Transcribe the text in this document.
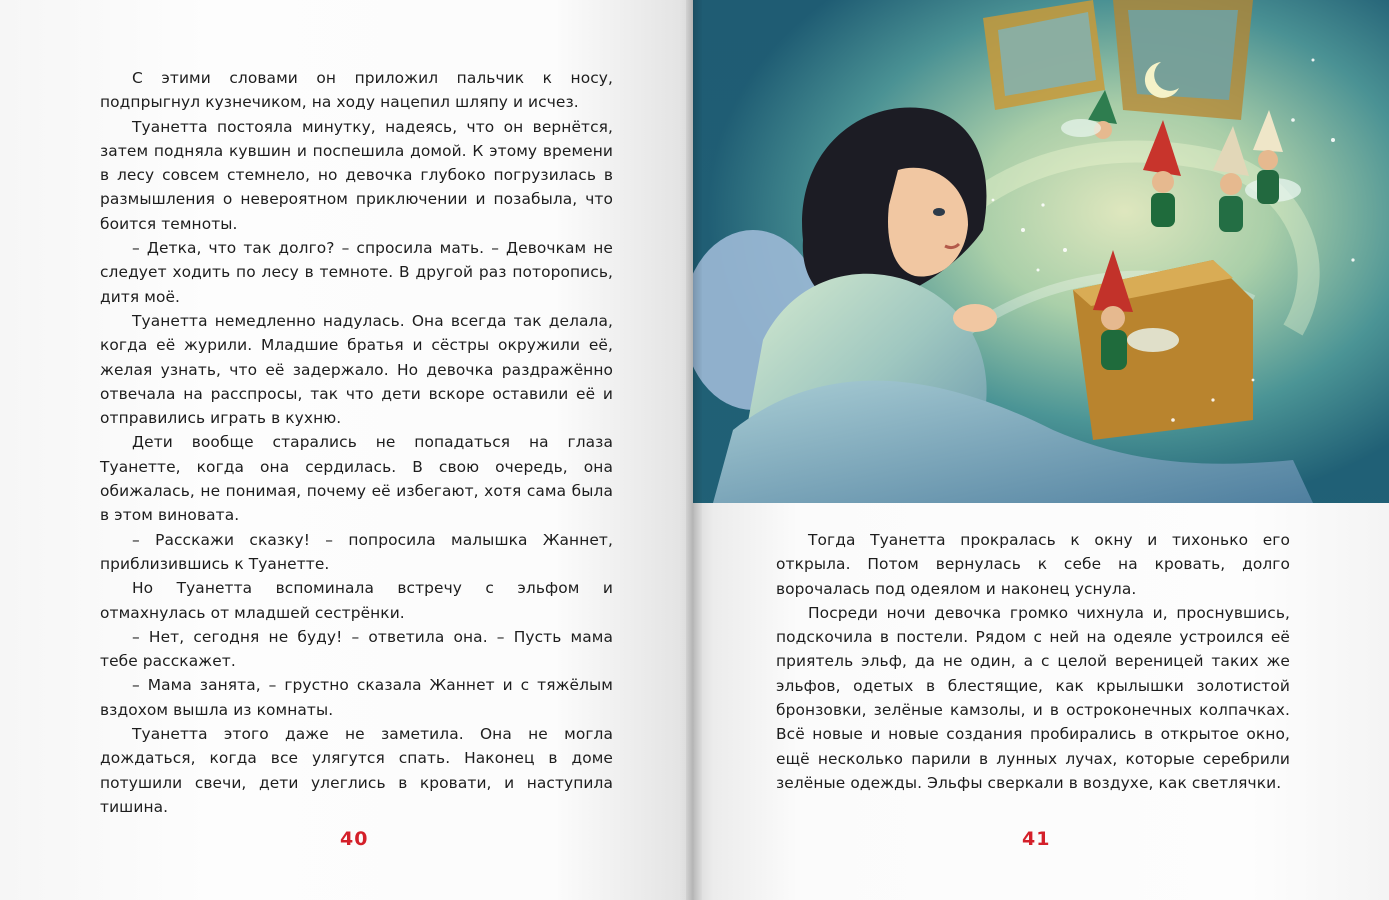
С этими словами он приложил пальчик к носу, подпрыгнул кузнечиком, на ходу нацепил шляпу и исчез.

Туанетта постояла минутку, надеясь, что он вернётся, затем подняла кувшин и поспешила домой. К этому времени в лесу совсем стемнело, но девочка глубоко погрузилась в размышления о невероятном приключении и позабыла, что боится темноты.

– Детка, что так долго? – спросила мать. – Девочкам не следует ходить по лесу в темноте. В другой раз поторопись, дитя моё.

Туанетта немедленно надулась. Она всегда так делала, когда её журили. Младшие братья и сёстры окружили её, желая узнать, что её задержало. Но девочка раздражённо отвечала на расспросы, так что дети вскоре оставили её и отправились играть в кухню.

Дети вообще старались не попадаться на глаза Туанетте, когда она сердилась. В свою очередь, она обижалась, не понимая, почему её избегают, хотя сама была в этом виновата.

– Расскажи сказку! – попросила малышка Жаннет, приблизившись к Туанетте.

Но Туанетта вспоминала встречу с эльфом и отмахнулась от младшей сестрёнки.

– Нет, сегодня не буду! – ответила она. – Пусть мама тебе расскажет.

– Мама занята, – грустно сказала Жаннет и с тяжёлым вздохом вышла из комнаты.

Туанетта этого даже не заметила. Она не могла дождаться, когда все улягутся спать. Наконец в доме потушили свечи, дети улеглись в кровати, и наступила тишина.

40

Тогда Туанетта прокралась к окну и тихонько его открыла. Потом вернулась к себе на кровать, долго ворочалась под одеялом и наконец уснула.

Посреди ночи девочка громко чихнула и, проснувшись, подскочила в постели. Рядом с ней на одеяле устроился её приятель эльф, да не один, а с целой вереницей таких же эльфов, одетых в блестящие, как крылышки золотистой бронзовки, зелёные камзолы, и в остроконечных колпачках. Всё новые и новые создания пробирались в открытое окно, ещё несколько парили в лунных лучах, которые серебрили зелёные одежды. Эльфы сверкали в воздухе, как светлячки.

41
